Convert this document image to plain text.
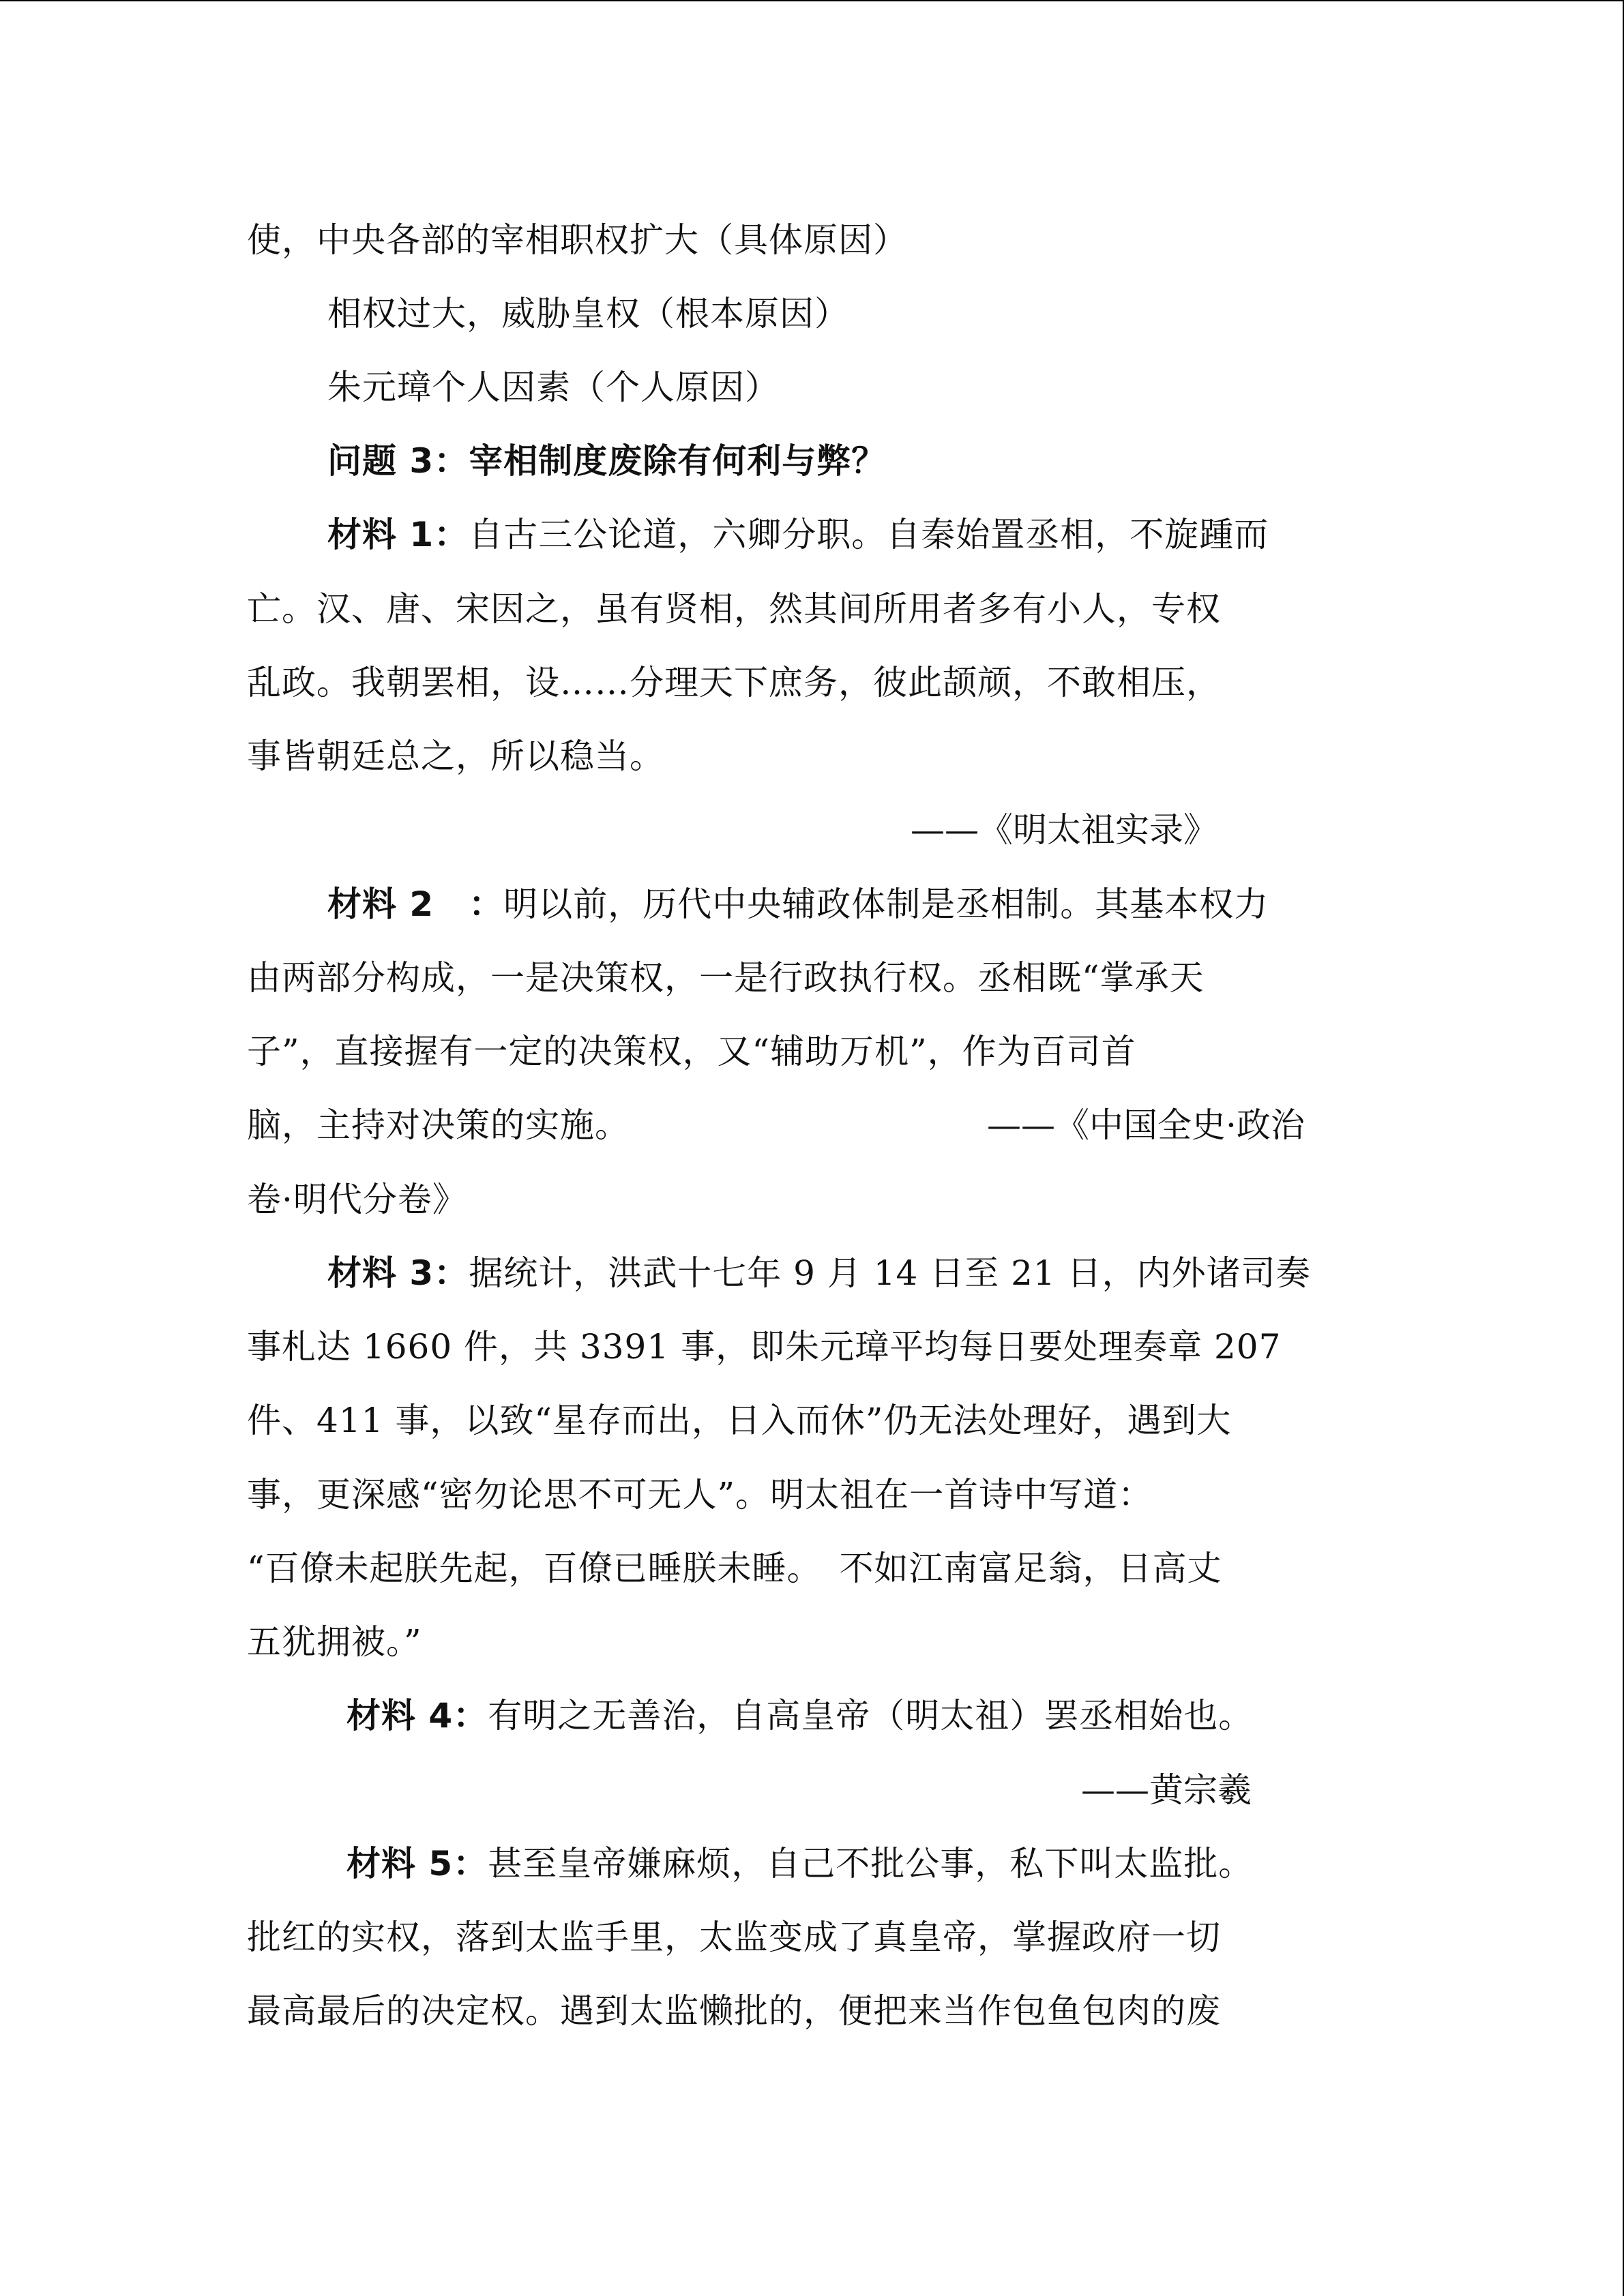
使，中央各部的宰相职权扩大（具体原因）
相权过大，威胁皇权（根本原因）
朱元璋个人因素（个人原因）
问题 3：宰相制度废除有何利与弊？
材料 1：自古三公论道，六卿分职。自秦始置丞相，不旋踵而
亡。汉、唐、宋因之，虽有贤相，然其间所用者多有小人，专权
乱政。我朝罢相，设……分理天下庶务，彼此颉颃，不敢相压，
事皆朝廷总之，所以稳当。
——《明太祖实录》
材料 2　：明以前，历代中央辅政体制是丞相制。其基本权力
由两部分构成，一是决策权，一是行政执行权。丞相既“掌承天
子”，直接握有一定的决策权，又“辅助万机”，作为百司首
脑，主持对决策的实施。	——《中国全史·政治
卷·明代分卷》
材料 3：据统计，洪武十七年 9 月 14 日至 21 日，内外诸司奏
事札达 1660 件，共 3391 事，即朱元璋平均每日要处理奏章 207
件、411 事，以致“星存而出，日入而休”仍无法处理好，遇到大
事，更深感“密勿论思不可无人”。明太祖在一首诗中写道：
“百僚未起朕先起，百僚已睡朕未睡。　不如江南富足翁，日高丈
五犹拥被。”
材料 4：有明之无善治，自高皇帝（明太祖）罢丞相始也。
——黄宗羲
材料 5：甚至皇帝嫌麻烦，自己不批公事，私下叫太监批。
批红的实权，落到太监手里，太监变成了真皇帝，掌握政府一切
最高最后的决定权。遇到太监懒批的，便把来当作包鱼包肉的废
